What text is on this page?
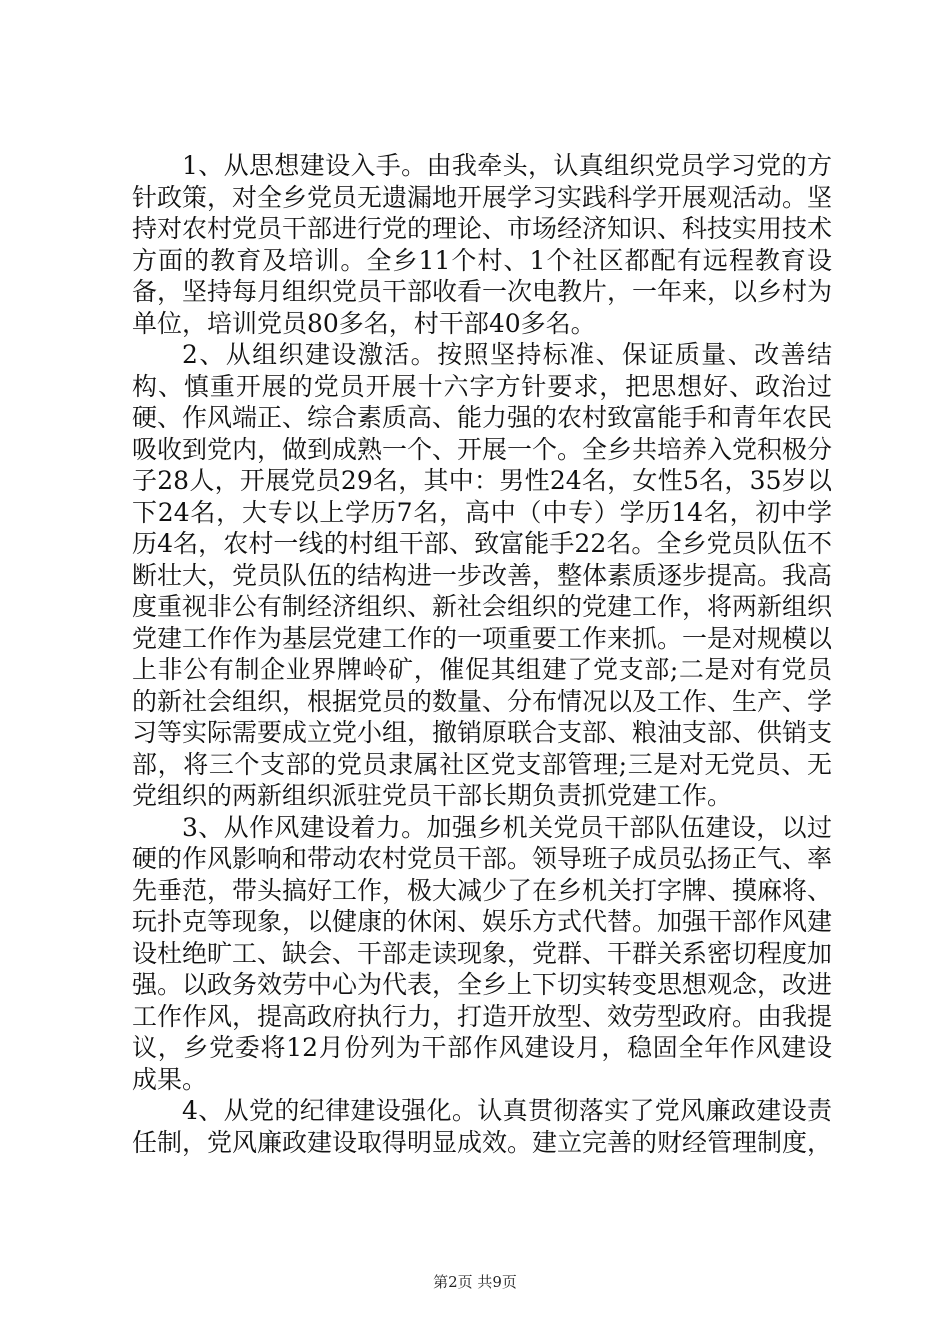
1、从思想建设入手。由我牵头，认真组织党员学习党的方针政策，对全乡党员无遗漏地开展学习实践科学开展观活动。坚持对农村党员干部进行党的理论、市场经济知识、科技实用技术方面的教育及培训。全乡11个村、1个社区都配有远程教育设备，坚持每月组织党员干部收看一次电教片，一年来，以乡村为单位，培训党员80多名，村干部40多名。

2、从组织建设激活。按照坚持标准、保证质量、改善结构、慎重开展的党员开展十六字方针要求，把思想好、政治过硬、作风端正、综合素质高、能力强的农村致富能手和青年农民吸收到党内，做到成熟一个、开展一个。全乡共培养入党积极分子28人，开展党员29名，其中：男性24名，女性5名，35岁以下24名，大专以上学历7名，高中（中专）学历14名，初中学历4名，农村一线的村组干部、致富能手22名。全乡党员队伍不断壮大，党员队伍的结构进一步改善，整体素质逐步提高。我高度重视非公有制经济组织、新社会组织的党建工作，将两新组织党建工作作为基层党建工作的一项重要工作来抓。一是对规模以上非公有制企业界牌岭矿，催促其组建了党支部;二是对有党员的新社会组织，根据党员的数量、分布情况以及工作、生产、学习等实际需要成立党小组，撤销原联合支部、粮油支部、供销支部，将三个支部的党员隶属社区党支部管理;三是对无党员、无党组织的两新组织派驻党员干部长期负责抓党建工作。

3、从作风建设着力。加强乡机关党员干部队伍建设，以过硬的作风影响和带动农村党员干部。领导班子成员弘扬正气、率先垂范，带头搞好工作，极大减少了在乡机关打字牌、摸麻将、玩扑克等现象，以健康的休闲、娱乐方式代替。加强干部作风建设杜绝旷工、缺会、干部走读现象，党群、干群关系密切程度加强。以政务效劳中心为代表，全乡上下切实转变思想观念，改进工作作风，提高政府执行力，打造开放型、效劳型政府。由我提议，乡党委将12月份列为干部作风建设月，稳固全年作风建设成果。

4、从党的纪律建设强化。认真贯彻落实了党风廉政建设责任制，党风廉政建设取得明显成效。建立完善的财经管理制度，

第2页 共9页
